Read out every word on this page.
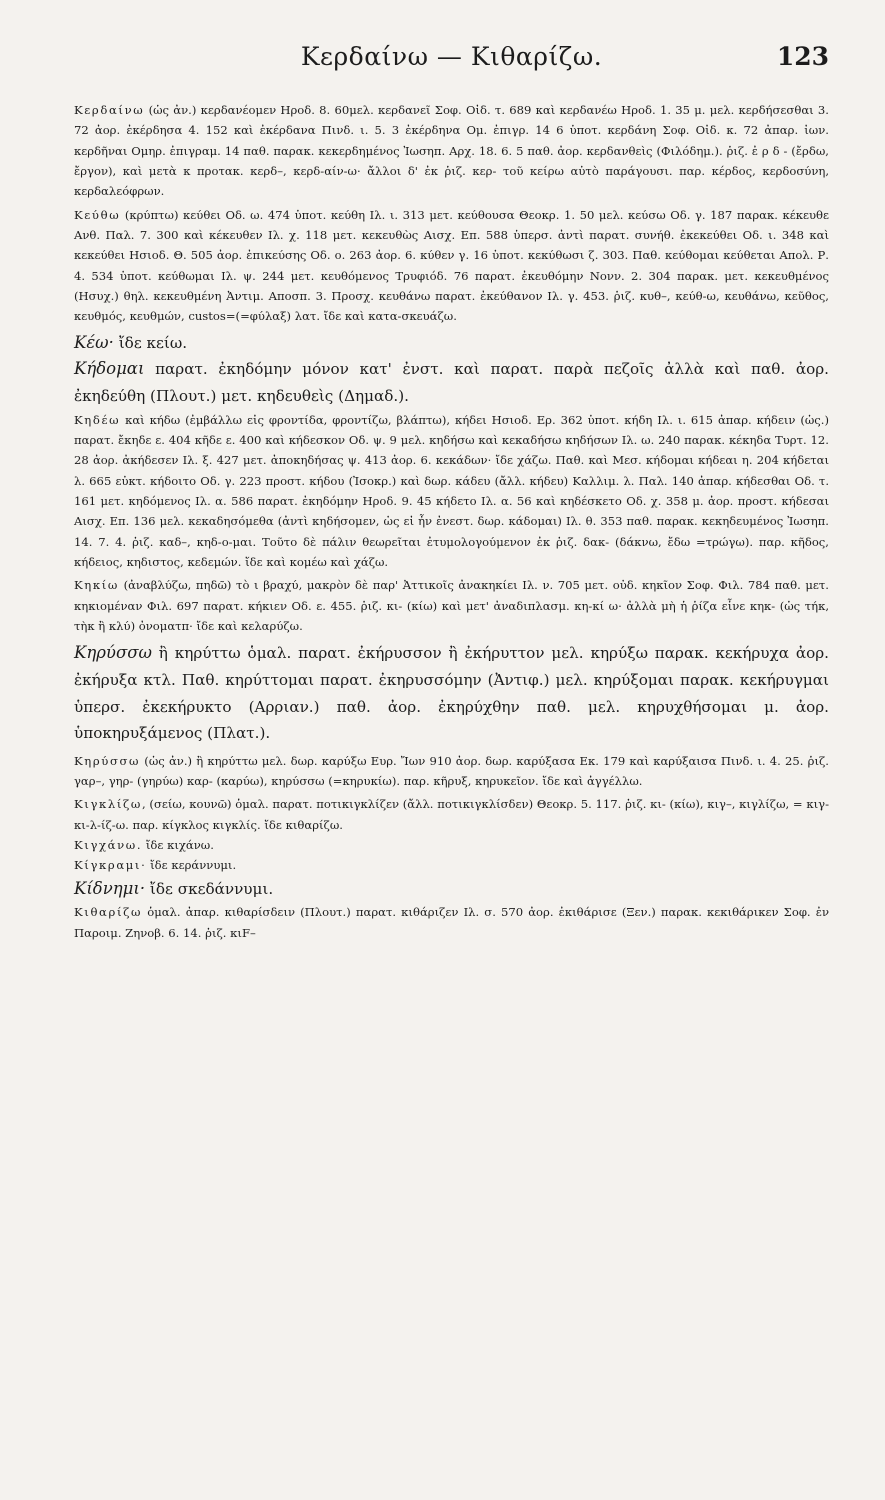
Κερδαίνω — Κιθαρίζω.	123

Κερδαίνω (ὡς ἀν.) κερδανέομεν Ηροδ. 8. 60μελ. κερδανεῖ Σοφ. Οἰδ. τ. 689 καὶ κερδανέω Ηροδ. 1. 35 μ. μελ. κερδήσεσθαι 3. 72 ἀορ. ἐκέρδησα 4. 152 καὶ ἐκέρδανα Πινδ. ι. 5. 3 ἐκέρδηνα Ομ. ἐπιγρ. 14 6 ὑποτ. κερδάνη Σοφ. Οἰδ. κ. 72 ἀπαρ. ἰων. κερδῆναι Ομηρ. ἐπιγραμ. 14 παθ. παρακ. κεκερδημένος Ἰωσηπ. Αρχ. 18. 6. 5 παθ. ἀορ. κερδανθεὶς (Φιλόδημ.). ῥιζ. ἐ ρ δ - (ἔρδω, ἔργον), καὶ μετὰ κ προτακ. κερδ–, κερδ-αίν-ω· ἄλλοι δ' ἐκ ῥιζ. κερ- τοῦ κείρω αὐτὸ παράγουσι. παρ. κέρδος, κερδοσύνη, κερδαλεόφρων.

Κεύθω (κρύπτω) κεύθει Οδ. ω. 474 ὑποτ. κεύθη Ιλ. ι. 313 μετ. κεύθουσα Θεοκρ. 1. 50 μελ. κεύσω Οδ. γ. 187 παρακ. κέκευθε Ανθ. Παλ. 7. 300 καὶ κέκευθεν Ιλ. χ. 118 μετ. κεκευθὼς Αισχ. Επ. 588 ὑπερσ. ἀντὶ παρατ. συνήθ. ἐκεκεύθει Οδ. ι. 348 καὶ κεκεύθει Ησιοδ. Θ. 505 ἀορ. ἐπικεύσης Οδ. ο. 263 ἀορ. 6. κύθεν γ. 16 ὑποτ. κεκύθωσι ζ. 303. Παθ. κεύθομαι κεύθεται Απολ. Ρ. 4. 534 ὑποτ. κεύθωμαι Ιλ. ψ. 244 μετ. κευθόμενος Τρυφιόδ. 76 παρατ. ἐκευθόμην Νονν. 2. 304 παρακ. μετ. κεκευθμένος (Ησυχ.) θηλ. κεκευθμένη Ἀντιμ. Αποσπ. 3. Προσχ. κευθάνω παρατ. ἐκεύθανον Ιλ. γ. 453. ῥιζ. κυθ–, κεύθ-ω, κευθάνω, κεῦθος, κευθμός, κευθμών, custos=(=φύλαξ) λατ. ἴδε καὶ κατα-σκευάζω.

Κέω· ἴδε κείω.

Κήδομαι παρατ. ἐκηδόμην μόνον κατ' ἐνστ. καὶ παρατ. παρὰ πεζοῖς ἀλλὰ καὶ παθ. ἀορ. ἐκηδεύθη (Πλουτ.) μετ. κηδευθεὶς (Δημαδ.).

Κηδέω καὶ κήδω (ἐμβάλλω εἰς φροντίδα, φροντίζω, βλάπτω), κήδει Ησιοδ. Ερ. 362 ὑποτ. κήδη Ιλ. ι. 615 ἀπαρ. κήδειν (ὡς.) παρατ. ἔκηδε ε. 404 κῆδε ε. 400 καὶ κήδεσκον Οδ. ψ. 9 μελ. κηδήσω καὶ κεκαδήσω κηδήσων Ιλ. ω. 240 παρακ. κέκηδα Τυρτ. 12. 28 ἀορ. ἀκήδεσεν Ιλ. ξ. 427 μετ. ἀποκηδήσας ψ. 413 ἀορ. 6. κεκάδων· ἴδε χάζω. Παθ. καὶ Μεσ. κήδομαι κήδεαι η. 204 κήδεται λ. 665 εὐκτ. κήδοιτο Οδ. γ. 223 προστ. κήδου (Ἰσοκρ.) καὶ δωρ. κάδευ (ἄλλ. κήδευ) Καλλιμ. λ. Παλ. 140 ἀπαρ. κήδεσθαι Οδ. τ. 161 μετ. κηδόμενος Ιλ. α. 586 παρατ. ἐκηδόμην Ηροδ. 9. 45 κήδετο Ιλ. α. 56 καὶ κηδέσκετο Οδ. χ. 358 μ. ἀορ. προστ. κήδεσαι Αισχ. Επ. 136 μελ. κεκαδησόμεθα (ἀντὶ κηδήσομεν, ὡς εἰ ἦν ἐνεστ. δωρ. κάδομαι) Ιλ. θ. 353 παθ. παρακ. κεκηδευμένος Ἰωσηπ. 14. 7. 4. ῥιζ. καδ–, κηδ-ο-μαι. Τοῦτο δὲ πάλιν θεωρεῖται ἐτυμολογούμενον ἐκ ῥιζ. δακ- (δάκνω, ἔδω =τρώγω). παρ. κῆδος, κήδειος, κηδιστος, κεδεμών. ἴδε καὶ κομέω καὶ χάζω.

Κηκίω (ἀναβλύζω, πηδῶ) τὸ ι βραχύ, μακρὸν δὲ παρ' Ἀττικοῖς ἀνακηκίει Ιλ. ν. 705 μετ. οὐδ. κηκῖον Σοφ. Φιλ. 784 παθ. μετ. κηκιομέναν Φιλ. 697 παρατ. κήκιεν Οδ. ε. 455. ῥιζ. κι- (κίω) καὶ μετ' ἀναδιπλασμ. κη-κί ω· ἀλλὰ μὴ ἡ ῥίζα εἶνε κηκ- (ὡς τήκ, τὴκ ἢ κλύ) ὀνοματπ· ἴδε καὶ κελαρύζω.

Κηρύσσω ἢ κηρύττω ὁμαλ. παρατ. ἐκήρυσσον ἢ ἐκήρυττον μελ. κηρύξω παρακ. κεκήρυχα ἀορ. ἐκήρυξα κτλ. Παθ. κηρύττομαι παρατ. ἐκηρυσσόμην (Ἀντιφ.) μελ. κηρύξομαι παρακ. κεκήρυγμαι ὑπερσ. ἐκεκήρυκτο (Αρριαν.) παθ. ἀορ. ἐκηρύχθην παθ. μελ. κηρυχθήσομαι μ. ἀορ. ὑποκηρυξάμενος (Πλατ.).

Κηρύσσω (ὡς ἀν.) ἢ κηρύττω μελ. δωρ. καρύξω Ευρ. Ἴων 910 ἀορ. δωρ. καρύξασα Εκ. 179 καὶ καρύξαισα Πινδ. ι. 4. 25. ῥιζ. γαρ–, γηρ- (γηρύω) καρ- (καρύω), κηρύσσω (=κηρυκίω). παρ. κῆρυξ, κηρυκεῖον. ἴδε καὶ ἀγγέλλω.

Κιγκλίζω, (σείω, κουνῶ) ὁμαλ. παρατ. ποτικιγκλίζεν (ἄλλ. ποτικιγκλίσδεν) Θεοκρ. 5. 117. ῥιζ. κι- (κίω), κιγ–, κιγλίζω, = κιγ-κι-λ-ίζ-ω. παρ. κίγκλος κιγκλίς. ἴδε κιθαρίζω.

Κιγχάνω. ἴδε κιχάνω.

Κίγκραμι· ἴδε κεράννυμι.

Κίδνημι· ἴδε σκεδάννυμι.

Κιθαρίζω ὁμαλ. ἀπαρ. κιθαρίσδειν (Πλουτ.) παρατ. κιθάριζεν Ιλ. σ. 570 ἀορ. ἐκιθάρισε (Ξεν.) παρακ. κεκιθάρικεν Σοφ. ἐν Παροιμ. Ζηνοβ. 6. 14. ῥιζ. κιF–
